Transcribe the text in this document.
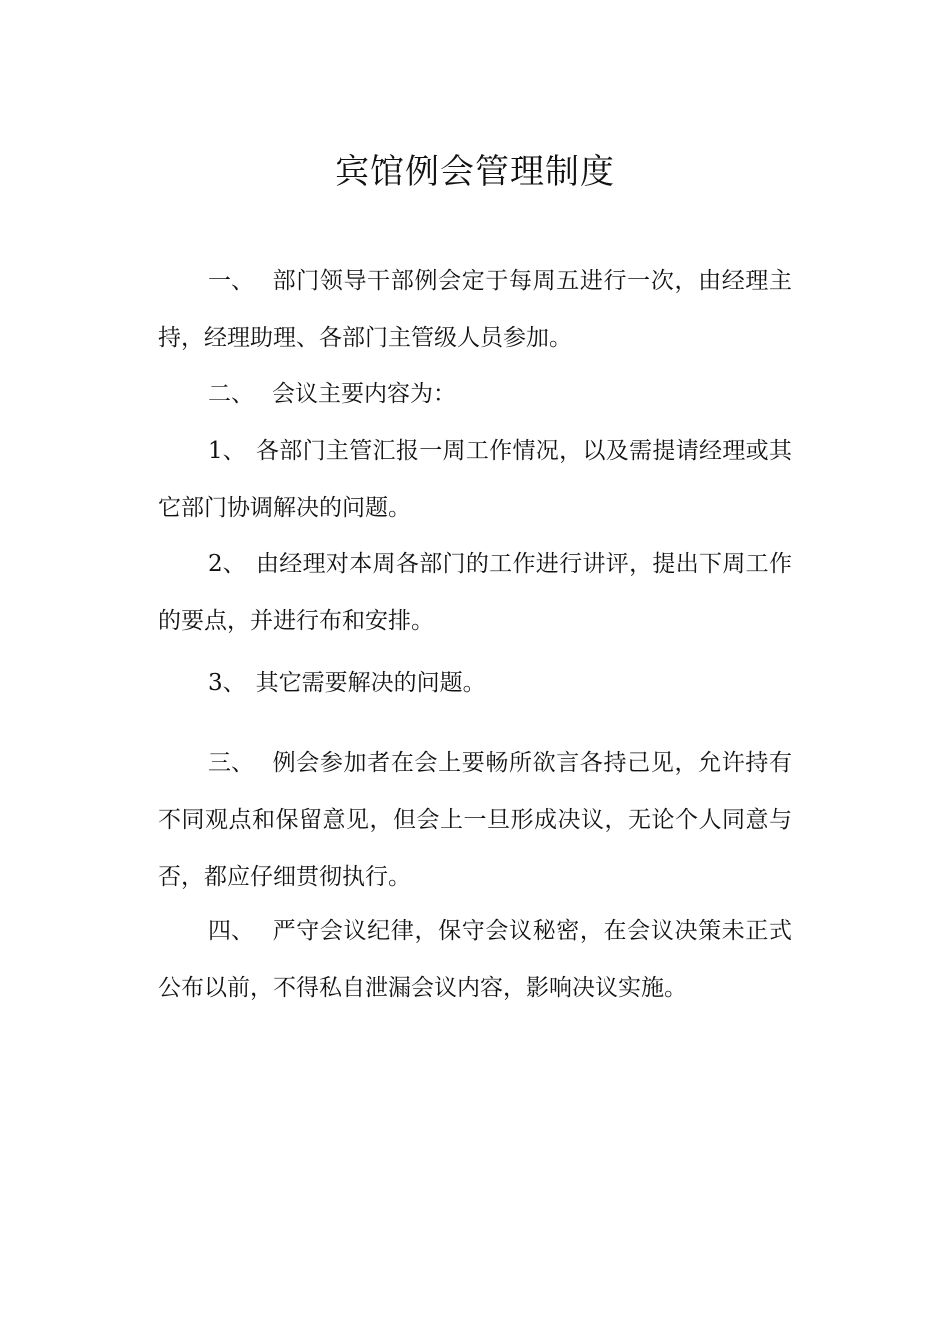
宾馆例会管理制度
一、 部门领导干部例会定于每周五进行一次，由经理主持，经理助理、各部门主管级人员参加。
二、 会议主要内容为：
1、 各部门主管汇报一周工作情况，以及需提请经理或其它部门协调解决的问题。
2、 由经理对本周各部门的工作进行讲评，提出下周工作的要点，并进行布和安排。
3、 其它需要解决的问题。
三、 例会参加者在会上要畅所欲言各持己见，允许持有不同观点和保留意见，但会上一旦形成决议，无论个人同意与否，都应仔细贯彻执行。
四、 严守会议纪律，保守会议秘密，在会议决策未正式公布以前，不得私自泄漏会议内容，影响决议实施。
